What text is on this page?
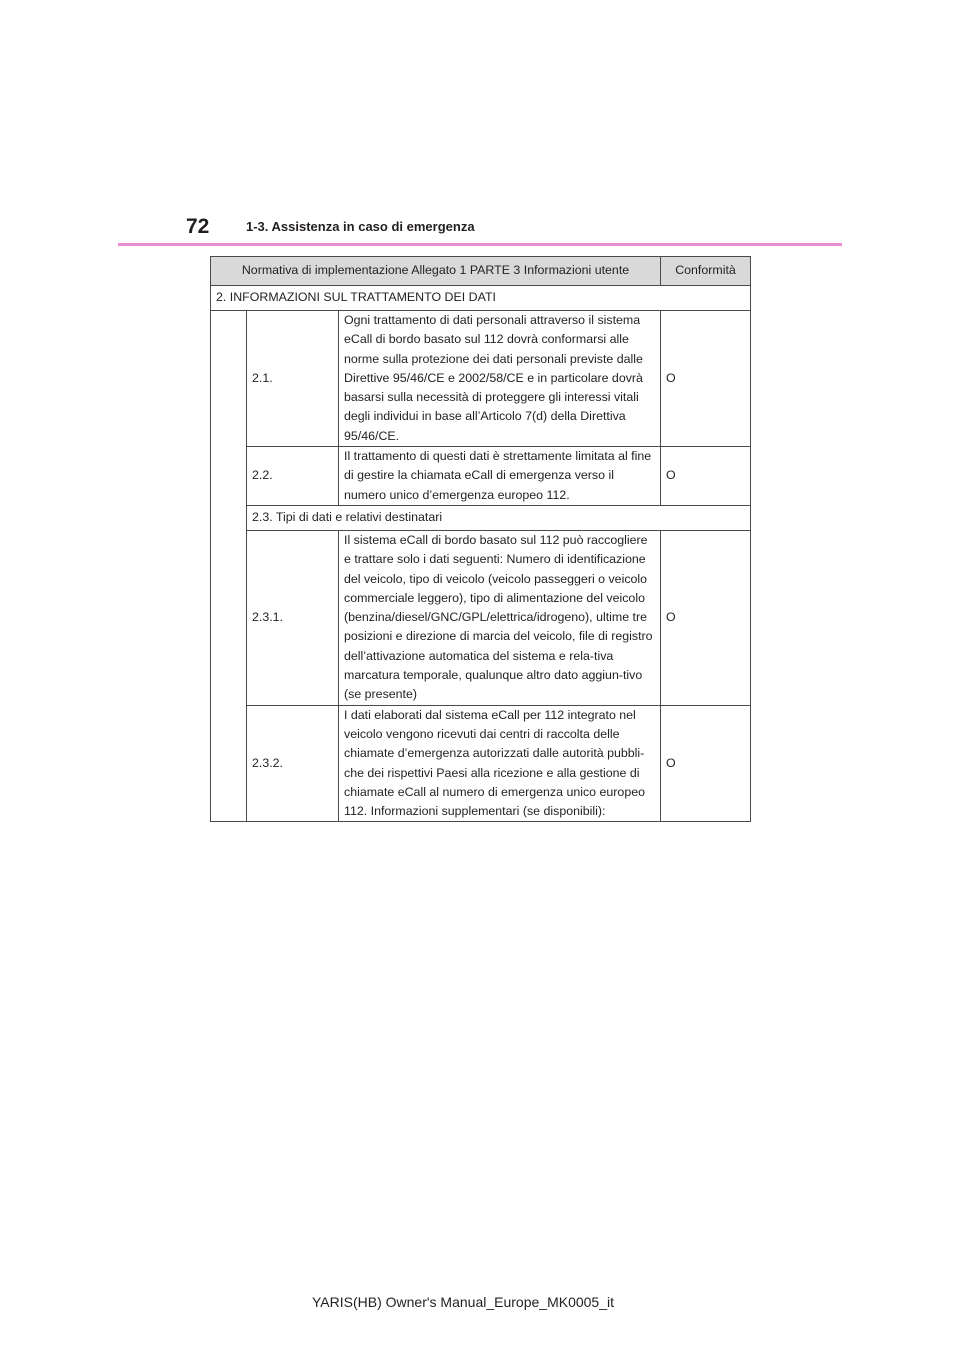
72	1-3. Assistenza in caso di emergenza
Normativa di implementazione Allegato 1 PARTE 3 Informazioni utente			Conformità
2. INFORMAZIONI SUL TRATTAMENTO DEI DATI			
	2.1.	Ogni trattamento di dati personali attraverso il sistema eCall di bordo basato sul 112 dovrà conformarsi alle norme sulla protezione dei dati personali previste dalle Direttive 95/46/CE e 2002/58/CE e in particolare dovrà basarsi sulla necessità di proteggere gli interessi vitali degli individui in base all’Articolo 7(d) della Direttiva 95/46/CE.	O
	2.2.	Il trattamento di questi dati è strettamente limitata al fine di gestire la chiamata eCall di emergenza verso il numero unico d’emergenza europeo 112.	O
	2.3. Tipi di dati e relativi destinatari		
	2.3.1.	Il sistema eCall di bordo basato sul 112 può raccogliere e trattare solo i dati seguenti: Numero di identificazione del veicolo, tipo di veicolo (veicolo passeggeri o veicolo commerciale leggero), tipo di alimentazione del veicolo (benzina/diesel/GNC/GPL/elettrica/idrogeno), ultime tre posizioni e direzione di marcia del veicolo, file di registro dell’attivazione automatica del sistema e rela-tiva marcatura temporale, qualunque altro dato aggiun-tivo (se presente)	O
	2.3.2.	I dati elaborati dal sistema eCall per 112 integrato nel veicolo vengono ricevuti dai centri di raccolta delle chiamate d’emergenza autorizzati dalle autorità pubbli-che dei rispettivi Paesi alla ricezione e alla gestione di chiamate eCall al numero di emergenza unico europeo 112. Informazioni supplementari (se disponibili):	O
YARIS(HB) Owner's Manual_Europe_MK0005_it
